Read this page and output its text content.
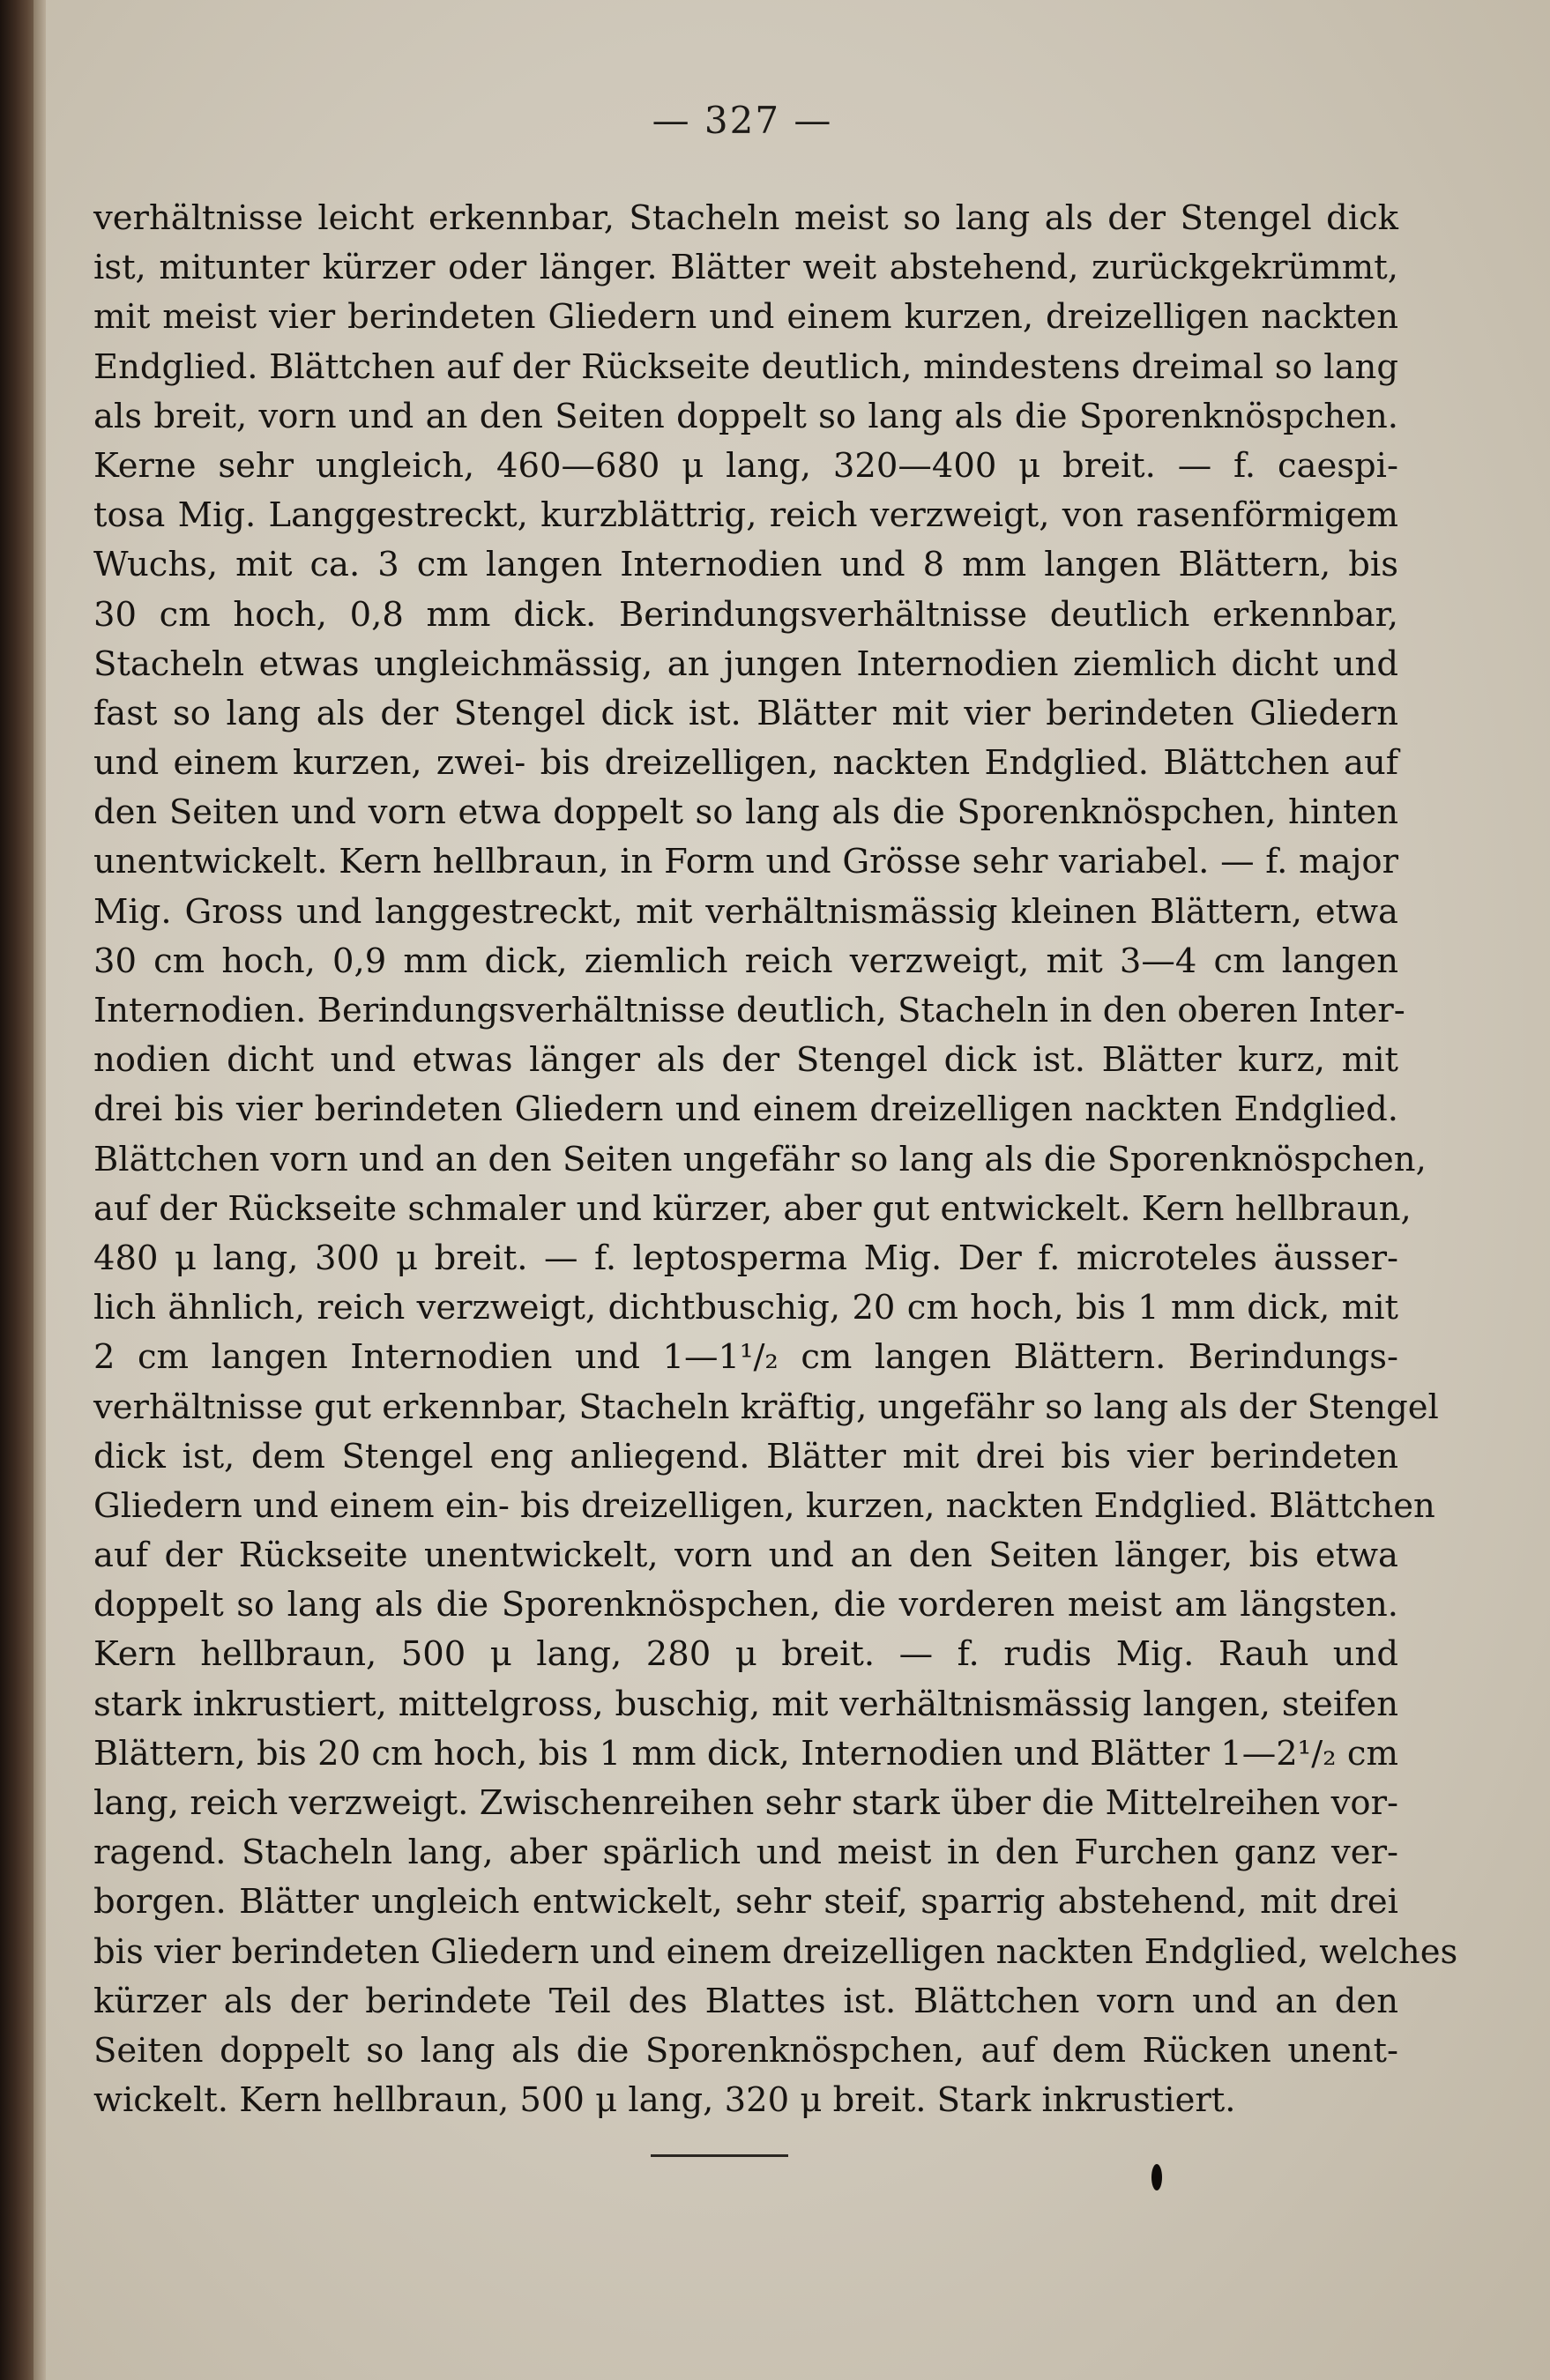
— 327 —
verhältnisse leicht erkennbar, Stacheln meist so lang als der Stengel dick
ist, mitunter kürzer oder länger. Blätter weit abstehend, zurückgekrümmt,
mit meist vier berindeten Gliedern und einem kurzen, dreizelligen nackten
Endglied. Blättchen auf der Rückseite deutlich, mindestens dreimal so lang
als breit, vorn und an den Seiten doppelt so lang als die Sporenknöspchen.
Kerne sehr ungleich, 460—680 μ lang, 320—400 μ breit. — f. caespi-
tosa Mig. Langgestreckt, kurzblättrig, reich verzweigt, von rasenförmigem
Wuchs, mit ca. 3 cm langen Internodien und 8 mm langen Blättern, bis
30 cm hoch, 0,8 mm dick. Berindungsverhältnisse deutlich erkennbar,
Stacheln etwas ungleichmässig, an jungen Internodien ziemlich dicht und
fast so lang als der Stengel dick ist. Blätter mit vier berindeten Gliedern
und einem kurzen, zwei- bis dreizelligen, nackten Endglied. Blättchen auf
den Seiten und vorn etwa doppelt so lang als die Sporenknöspchen, hinten
unentwickelt. Kern hellbraun, in Form und Grösse sehr variabel. — f. major
Mig. Gross und langgestreckt, mit verhältnismässig kleinen Blättern, etwa
30 cm hoch, 0,9 mm dick, ziemlich reich verzweigt, mit 3—4 cm langen
Internodien. Berindungsverhältnisse deutlich, Stacheln in den oberen Inter-
nodien dicht und etwas länger als der Stengel dick ist. Blätter kurz, mit
drei bis vier berindeten Gliedern und einem dreizelligen nackten Endglied.
Blättchen vorn und an den Seiten ungefähr so lang als die Sporenknöspchen,
auf der Rückseite schmaler und kürzer, aber gut entwickelt. Kern hellbraun,
480 μ lang, 300 μ breit. — f. leptosperma Mig. Der f. microteles äusser-
lich ähnlich, reich verzweigt, dichtbuschig, 20 cm hoch, bis 1 mm dick, mit
2 cm langen Internodien und 1—1¹/₂ cm langen Blättern. Berindungs-
verhältnisse gut erkennbar, Stacheln kräftig, ungefähr so lang als der Stengel
dick ist, dem Stengel eng anliegend. Blätter mit drei bis vier berindeten
Gliedern und einem ein- bis dreizelligen, kurzen, nackten Endglied. Blättchen
auf der Rückseite unentwickelt, vorn und an den Seiten länger, bis etwa
doppelt so lang als die Sporenknöspchen, die vorderen meist am längsten.
Kern hellbraun, 500 μ lang, 280 μ breit. — f. rudis Mig. Rauh und
stark inkrustiert, mittelgross, buschig, mit verhältnismässig langen, steifen
Blättern, bis 20 cm hoch, bis 1 mm dick, Internodien und Blätter 1—2¹/₂ cm
lang, reich verzweigt. Zwischenreihen sehr stark über die Mittelreihen vor-
ragend. Stacheln lang, aber spärlich und meist in den Furchen ganz ver-
borgen. Blätter ungleich entwickelt, sehr steif, sparrig abstehend, mit drei
bis vier berindeten Gliedern und einem dreizelligen nackten Endglied, welches
kürzer als der berindete Teil des Blattes ist. Blättchen vorn und an den
Seiten doppelt so lang als die Sporenknöspchen, auf dem Rücken unent-
wickelt. Kern hellbraun, 500 μ lang, 320 μ breit. Stark inkrustiert.
